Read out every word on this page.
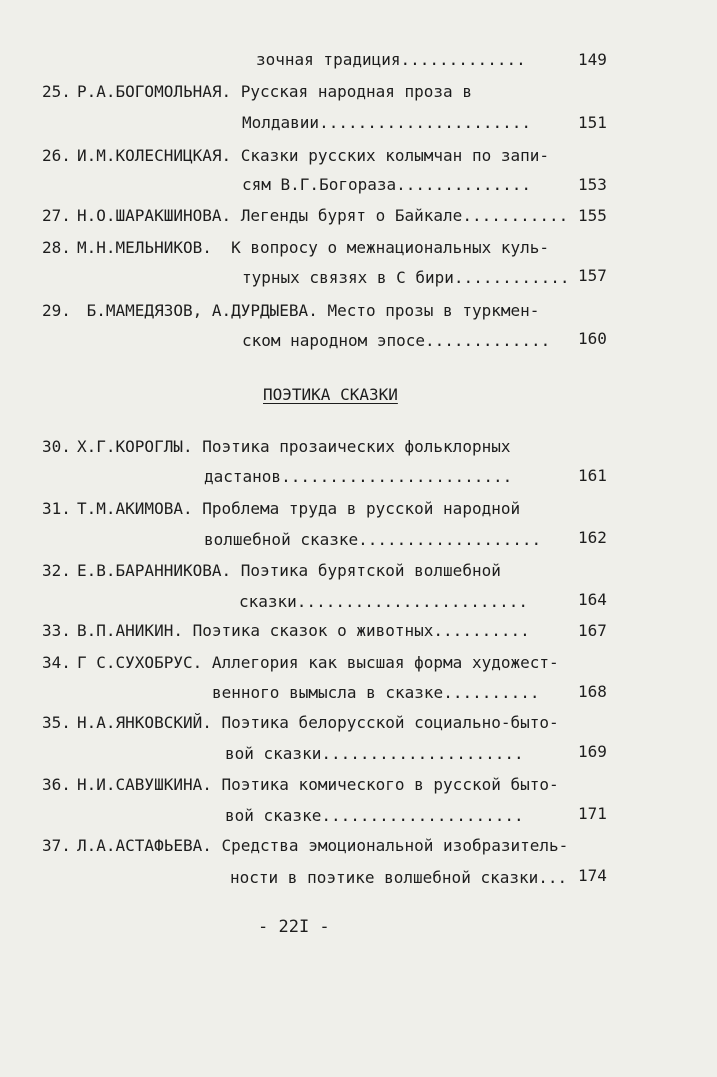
зочная традиция.............	149
25. Р.А.БОГОМОЛЬНАЯ. Русская народная проза в
Молдавии......................	151
26. И.М.КОЛЕСНИЦКАЯ. Сказки русских колымчан по запи-
сям В.Г.Богораза..............	153
27. Н.О.ШАРАКШИНОВА. Легенды бурят о Байкале........... 155
28. М.Н.МЕЛЬНИКОВ.  К вопросу о межнациональных куль-
турных связях в С бири............ 157
29. Б.МАМЕДЯЗОВ, А.ДУРДЫЕВА. Место прозы в туркмен-
ском народном эпосе............. 160
ПОЭТИКА СКАЗКИ
30. Х.Г.КОРОГЛЫ. Поэтика прозаических фольклорных
дастанов........................	161
31. Т.М.АКИМОВА. Проблема труда в русской народной
волшебной сказке................... 162
32. Е.В.БАРАННИКОВА. Поэтика бурятской волшебной
сказки........................	164
33. В.П.АНИКИН. Поэтика сказок о животных..........	167
34. Г С.СУХОБРУС. Аллегория как высшая форма художест-
венного вымысла в сказке.......... 168
35. Н.А.ЯНКОВСКИЙ. Поэтика белорусской социально-быто-
вой сказки.....................	169
36. Н.И.САВУШКИНА. Поэтика комического в русской быто-
вой сказке.....................	171
37. Л.А.АСТАФЬЕВА. Средства эмоциональной изобразитель-
ности в поэтике волшебной сказки... 174
- 22I -
